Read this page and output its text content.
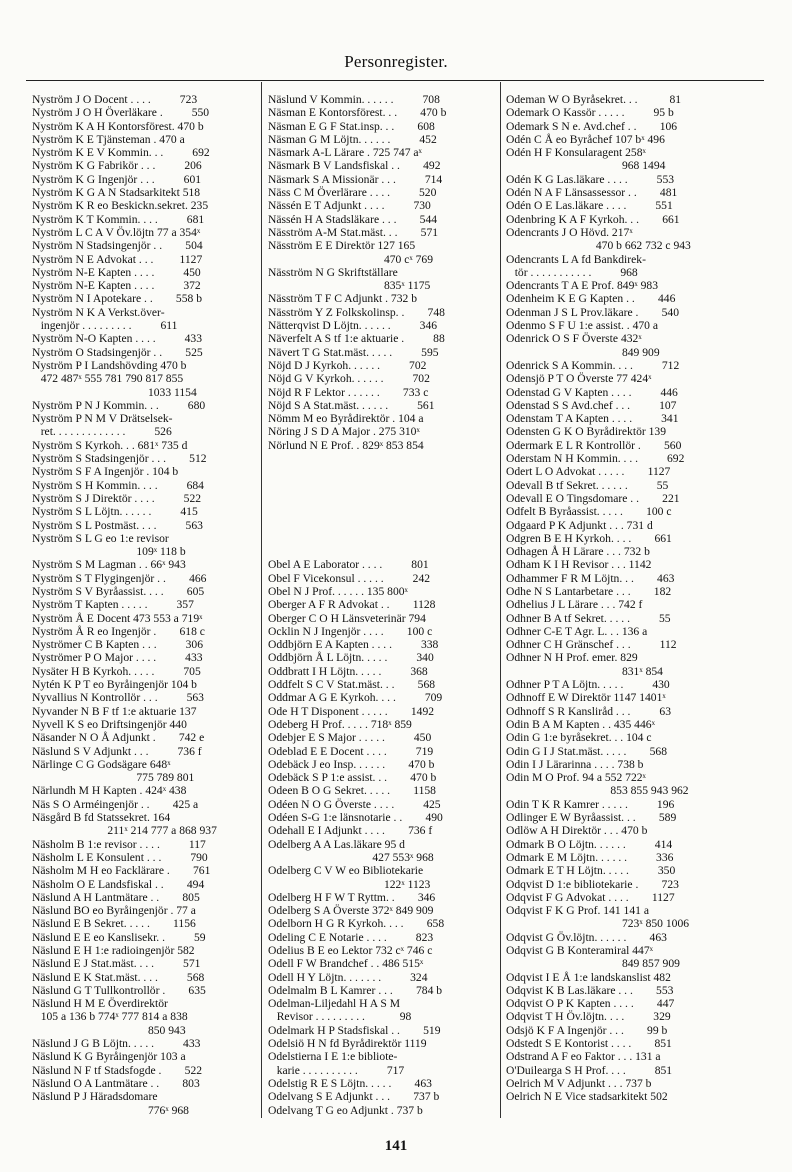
Personregister.
Nyström J O Docent . . . .          723
Nyström J O H Överläkare .          550
Nyström K A H Kontorsförest. 470 b
Nyström K E Tjänsteman . 470 a
Nyström K E V Kommin. . .          692
Nyström K G Fabrikör . . .          206
Nyström K G Ingenjör . . .          601
Nyström K G A N Stadsarkitekt 518
Nyström K R eo Beskickn.sekret. 235
Nyström K T Kommin. . . .          681
Nyström L C A V Öv.löjtn 77 a 354ˣ
Nyström N Stadsingenjör . .        504
Nyström N E Advokat . . .         1127
Nyström N-E Kapten . . . .          450
Nyström N-E Kapten . . . .          372
Nyström N I Apotekare . .        558 b
Nyström N K A Verkst.över-
ingenjör . . . . . . . . .          611
Nyström N-O Kapten . . . .          433
Nyström O Stadsingenjör . .        525
Nyström P I Landshövding 470 b
472 487ˣ 555 781 790 817 855
1033 1154
Nyström P N J Kommin. . .          680
Nyström P N M V Drätselsek-
ret. . . . . . . . . . . . .          526
Nyström S Kyrkoh. . . 681ˣ 735 d
Nyström S Stadsingenjör . . .        512
Nyström S F A Ingenjör . 104 b
Nyström S H Kommin. . . .          684
Nyström S J Direktör . . . .          522
Nyström S L Löjtn. . . . . .          415
Nyström S L Postmäst. . . .          563
Nyström S L G eo 1:e revisor
109ˣ 118 b
Nyström S M Lagman . . 66ˣ 943
Nyström S T Flygingenjör . .        466
Nyström S V Byråassist. . . .        605
Nyström T Kapten . . . . .          357
Nyström Å E Docent 473 553 a 719ˣ
Nyström Å R eo Ingenjör .        618 c
Nyströmer C B Kapten . . .          306
Nyströmer P O Major . . . .          433
Nysäter H B Kyrkoh. . . . .          705
Nytén K P T eo Byråingenjör 104 b
Nyvallius N Kontrollör . . .          563
Nyvander N B F tf 1:e aktuarie 137
Nyvell K S eo Driftsingenjör 440
Näsander N O Å Adjunkt .        742 e
Näslund S V Adjunkt . . .          736 f
Närlinge C G Godsägare 648ˣ
775 789 801
Närlundh M H Kapten . 424ˣ 438
Näs S O Arméingenjör . .        425 a
Näsgård B fd Statssekret. 164
211ˣ 214 777 a 868 937
Näsholm B 1:e revisor . . . .          117
Näsholm L E Konsulent . . .          790
Näsholm M H eo Facklärare .        761
Näsholm O E Landsfiskal . .        494
Näslund A H Lantmätare . .        805
Näslund BO eo Byråingenjör . 77 a
Näslund E B Sekret. . . . .        1156
Näslund E E eo Kanslisekr. .          59
Näslund E H 1:e radioingenjör 582
Näslund E J Stat.mäst. . . .          571
Näslund E K Stat.mäst. . . .          568
Näslund G T Tullkontrollör .        635
Näslund H M E Överdirektör
105 a 136 b 774ˣ 777 814 a 838
850 943
Näslund J G B Löjtn. . . . .          433
Näslund K G Byråingenjör 103 a
Näslund N F tf Stadsfogde .        522
Näslund O A Lantmätare . .        803
Näslund P J Häradsdomare
776ˣ 968
Näslund V Kommin. . . . . .          708
Näsman E Kontorsförest. . .        470 b
Näsman E G F Stat.insp. . .        608
Näsman G M Löjtn. . . . . .          452
Näsmark A-L Lärare . 725 747 aˣ
Näsmark B V Landsfiskal . .        492
Näsmark S A Missionär . . .          714
Näss C M Överlärare . . . .          520
Nässén E T Adjunkt . . . .          730
Nässén H A Stadsläkare . . .        544
Näsström A-M Stat.mäst. . .        571
Näsström E E Direktör 127 165
470 cˣ 769
Näsström N G Skriftställare
835ˣ 1175
Näsström T F C Adjunkt . 732 b
Näsström Y Z Folkskolinsp. .        748
Nätterqvist D Löjtn. . . . . .          346
Näverfelt A S tf 1:e aktuarie .          88
Nävert T G Stat.mäst. . . . .          595
Nöjd D J Kyrkoh. . . . . .          702
Nöjd G V Kyrkoh. . . . . .          702
Nöjd R F Lektor . . . . . .        733 c
Nöjd S A Stat.mäst. . . . . .          561
Nömm M eo Byrådirektör . 104 a
Nöring J S D A Major . 275 310ˣ
Nörlund N E Prof. . 829ˣ 853 854

Obel A E Laborator . . . .          801
Obel F Vicekonsul . . . . .          242
Obel N J Prof. . . . . . 135 800ˣ
Oberger A F R Advokat . .        1128
Oberger C O H Länsveterinär 794
Ocklin N J Ingenjör . . . .        100 c
Oddbjörn E A Kapten . . . .          338
Oddbjörn Å L Löjtn. . . . .          340
Oddbratt I H Löjtn. . . . .          368
Oddfelt S C V Stat.mäst. . .        568
Oddmar A G E Kyrkoh. . . .          709
Ode H T Disponent . . . . .        1492
Odeberg H Prof. . . . . 718ˣ 859
Odebjer E S Major . . . . .          450
Odeblad E E Docent . . . .          719
Odebäck J eo Insp. . . . . .        470 b
Odebäck S P 1:e assist. . .        470 b
Odeen B O G Sekret. . . . .        1158
Odéen N O G Överste . . . .          425
Odéen S-G 1:e länsnotarie . .        490
Odehall E I Adjunkt . . . .        736 f
Odelberg A A Las.läkare 95 d
427 553ˣ 968
Odelberg C V W eo Bibliotekarie
122ˣ 1123
Odelberg H F W T Ryttm. .        346
Odelberg S A Överste 372ˣ 849 909
Odelborn H G R Kyrkoh. . . .        658
Odeling C E Notarie . . . .          823
Odelius B E eo Lektor 732 cˣ 746 c
Odell F W Brandchef . . 486 515ˣ
Odell H Y Löjtn. . . . . . .          324
Odelmalm B L Kamrer . . .        784 b
Odelman-Liljedahl H A S M
Revisor . . . . . . . . .            98
Odelmark H P Stadsfiskal . .        519
Odelsiö H N fd Byrådirektör 1119
Odelstierna I E 1:e bibliote-
karie . . . . . . . . . .          717
Odelstig R E S Löjtn. . . . .        463
Odelvang S E Adjunkt . . .        737 b
Odelvang T G eo Adjunkt . 737 b
Odeman W O Byråsekret. . .           81
Odemark O Kassör . . . . .          95 b
Odemark S N e. Avd.chef . .        106
Odén C Å eo Byråchef 107 bˣ 496
Odén H F Konsularagent 258ˣ
968 1494
Odén K G Las.läkare . . . .          553
Odén N A F Länsassessor . .        481
Odén O E Las.läkare . . . .          551
Odenbring K A F Kyrkoh. . .        661
Odencrants J O Hövd. 217ˣ
470 b 662 732 c 943
Odencrants L A fd Bankdirek-
tör . . . . . . . . . . .          968
Odencrants T A E Prof. 849ˣ 983
Odenheim K E G Kapten . .        446
Odenman J S L Prov.läkare .        540
Odenmo S F U 1:e assist. . 470 a
Odenrick O S F Överste 432ˣ
849 909
Odenrick S A Kommin. . . .          712
Odensjö P T O Överste 77 424ˣ
Odenstad G V Kapten . . . .          446
Odenstad S S Avd.chef . . .          107
Odenstam T A Kapten . . . .          341
Odensten G K O Byrådirektör 139
Odermark E L R Kontrollör .        560
Oderstam N H Kommin. . . .          692
Odert L O Advokat . . . . .        1127
Odevall B tf Sekret. . . . . .          55
Odevall E O Tingsdomare . .        221
Odfelt B Byråassist. . . . .        100 c
Odgaard P K Adjunkt . . . 731 d
Odgren B E H Kyrkoh. . . .        661
Odhagen Å H Lärare . . . 732 b
Odham K I H Revisor . . . 1142
Odhammer F R M Löjtn. . .        463
Odhe N S Lantarbetare . . .        182
Odhelius J L Lärare . . . 742 f
Odhner B A tf Sekret. . . . .          55
Odhner C-E T Agr. L. . . 136 a
Odhner C H Gränschef . . .          112
Odhner N H Prof. emer. 829
831ˣ 854
Odhner P T A Löjtn. . . . .          430
Odhnoff E W Direktör 1147 1401ˣ
Odhnoff S R Kansliråd . . .          63
Odin B A M Kapten . . 435 446ˣ
Odin G 1:e byråsekret. . . 104 c
Odin G I J Stat.mäst. . . . .        568
Odin I J Lärarinna . . . . 738 b
Odin M O Prof. 94 a 552 722ˣ
853 855 943 962
Odin T K R Kamrer . . . . .          196
Odlinger E W Byråassist. . .        589
Odlöw A H Direktör . . . 470 b
Odmark B O Löjtn. . . . . .          414
Odmark E M Löjtn. . . . . .          336
Odmark E T H Löjtn. . . . .          350
Odqvist D 1:e bibliotekarie .        723
Odqvist F G Advokat . . . .        1127
Odqvist F K G Prof. 141 141 a
723ˣ 850 1006
Odqvist G Öv.löjtn. . . . . .        463
Odqvist G B Konteramiral 447ˣ
849 857 909
Odqvist I E Å 1:e landskanslist 482
Odqvist K B Las.läkare . . .        553
Odqvist O P K Kapten . . . .        447
Odqvist T H Öv.löjtn. . . .          329
Odsjö K F A Ingenjör . . .        99 b
Odstedt S E Kontorist . . . .        851
Odstrand A F eo Faktor . . . 131 a
O'Duilearga S H Prof. . . .          851
Oelrich M V Adjunkt . . . 737 b
Oelrich N E Vice stadsarkitekt 502
141
